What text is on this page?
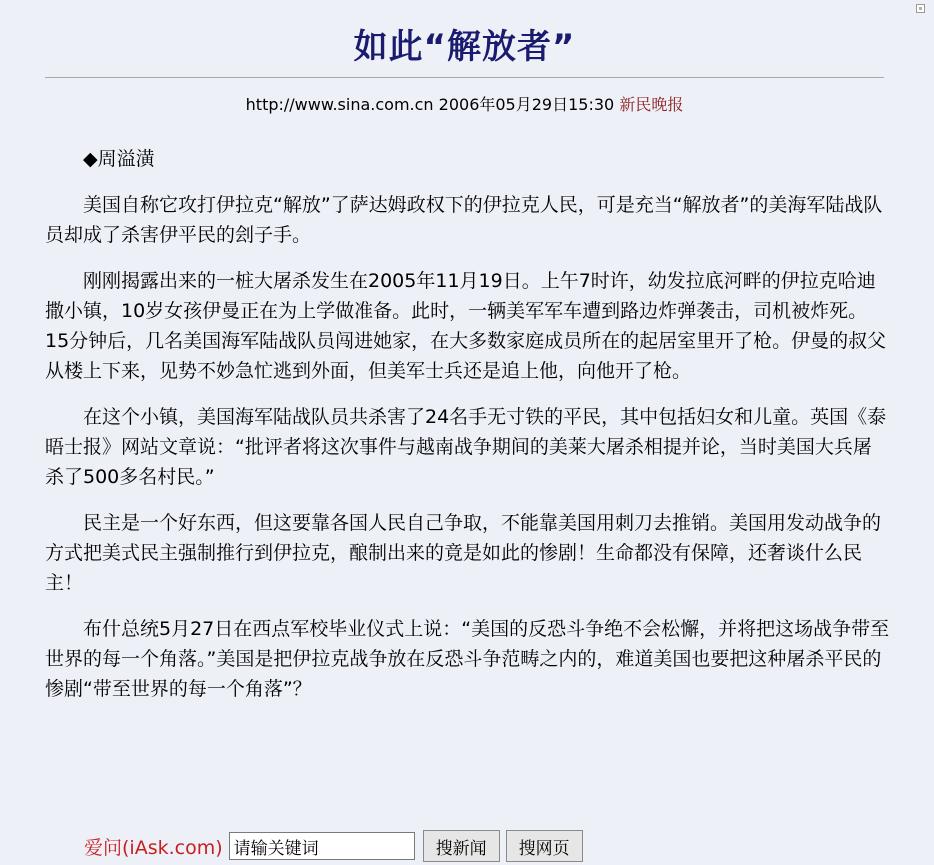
如此“解放者”
http://www.sina.com.cn 2006年05月29日15:30 新民晚报

◆周溢潢

美国自称它攻打伊拉克“解放”了萨达姆政权下的伊拉克人民，可是充当“解放者”的美海军陆战队员却成了杀害伊平民的刽子手。

刚刚揭露出来的一桩大屠杀发生在2005年11月19日。上午7时许，幼发拉底河畔的伊拉克哈迪撒小镇，10岁女孩伊曼正在为上学做准备。此时，一辆美军军车遭到路边炸弹袭击，司机被炸死。15分钟后，几名美国海军陆战队员闯进她家，在大多数家庭成员所在的起居室里开了枪。伊曼的叔父从楼上下来，见势不妙急忙逃到外面，但美军士兵还是追上他，向他开了枪。

在这个小镇，美国海军陆战队员共杀害了24名手无寸铁的平民，其中包括妇女和儿童。英国《泰晤士报》网站文章说：“批评者将这次事件与越南战争期间的美莱大屠杀相提并论，当时美国大兵屠杀了500多名村民。”

民主是一个好东西，但这要靠各国人民自己争取，不能靠美国用刺刀去推销。美国用发动战争的方式把美式民主强制推行到伊拉克，酿制出来的竟是如此的惨剧！生命都没有保障，还奢谈什么民主！

布什总统5月27日在西点军校毕业仪式上说：“美国的反恐斗争绝不会松懈，并将把这场战争带至世界的每一个角落。”美国是把伊拉克战争放在反恐斗争范畴之内的，难道美国也要把这种屠杀平民的惨剧“带至世界的每一个角落”？

爱问(iAsk.com)
请输关键词	搜新闻	搜网页
